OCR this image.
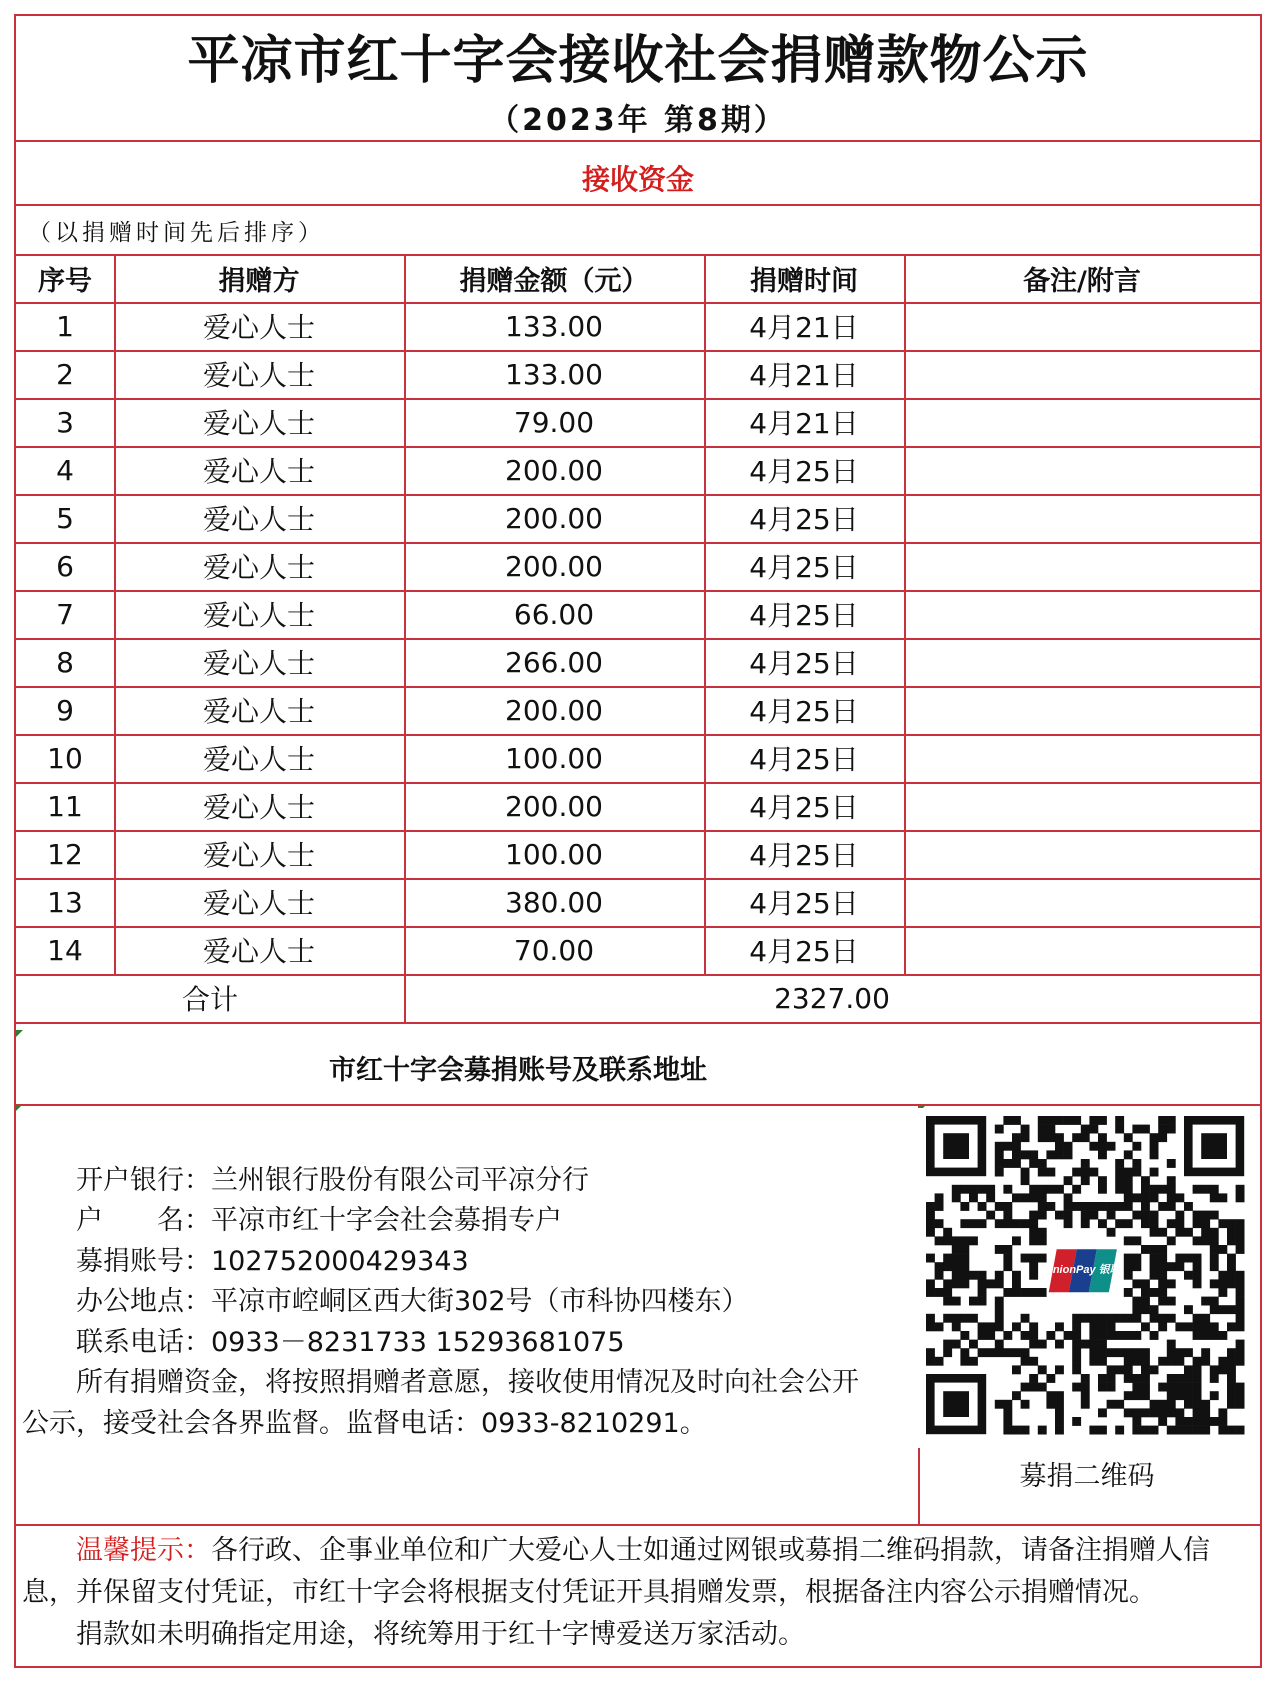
平凉市红十字会接收社会捐赠款物公示
（2023年 第8期）
接收资金
（以捐赠时间先后排序）
序号	捐赠方	捐赠金额（元）	捐赠时间	备注/附言
1	爱心人士	133.00	4月21日
2	爱心人士	133.00	4月21日
3	爱心人士	79.00	4月21日
4	爱心人士	200.00	4月25日
5	爱心人士	200.00	4月25日
6	爱心人士	200.00	4月25日
7	爱心人士	66.00	4月25日
8	爱心人士	266.00	4月25日
9	爱心人士	200.00	4月25日
10	爱心人士	100.00	4月25日
11	爱心人士	200.00	4月25日
12	爱心人士	100.00	4月25日
13	爱心人士	380.00	4月25日
14	爱心人士	70.00	4月25日
合计	2327.00
市红十字会募捐账号及联系地址
开户银行：兰州银行股份有限公司平凉分行
户　　名：平凉市红十字会社会募捐专户
募捐账号：102752000429343
办公地点：平凉市崆峒区西大街302号（市科协四楼东）
联系电话：0933－8231733 15293681075
所有捐赠资金，将按照捐赠者意愿，接收使用情况及时向社会公开
公示，接受社会各界监督。监督电话：0933-8210291。
UnionPay 银联
募捐二维码

温馨提示：各行政、企事业单位和广大爱心人士如通过网银或募捐二维码捐款，请备注捐赠人信

息，并保留支付凭证，市红十字会将根据支付凭证开具捐赠发票，根据备注内容公示捐赠情况。

捐款如未明确指定用途，将统筹用于红十字博爱送万家活动。
